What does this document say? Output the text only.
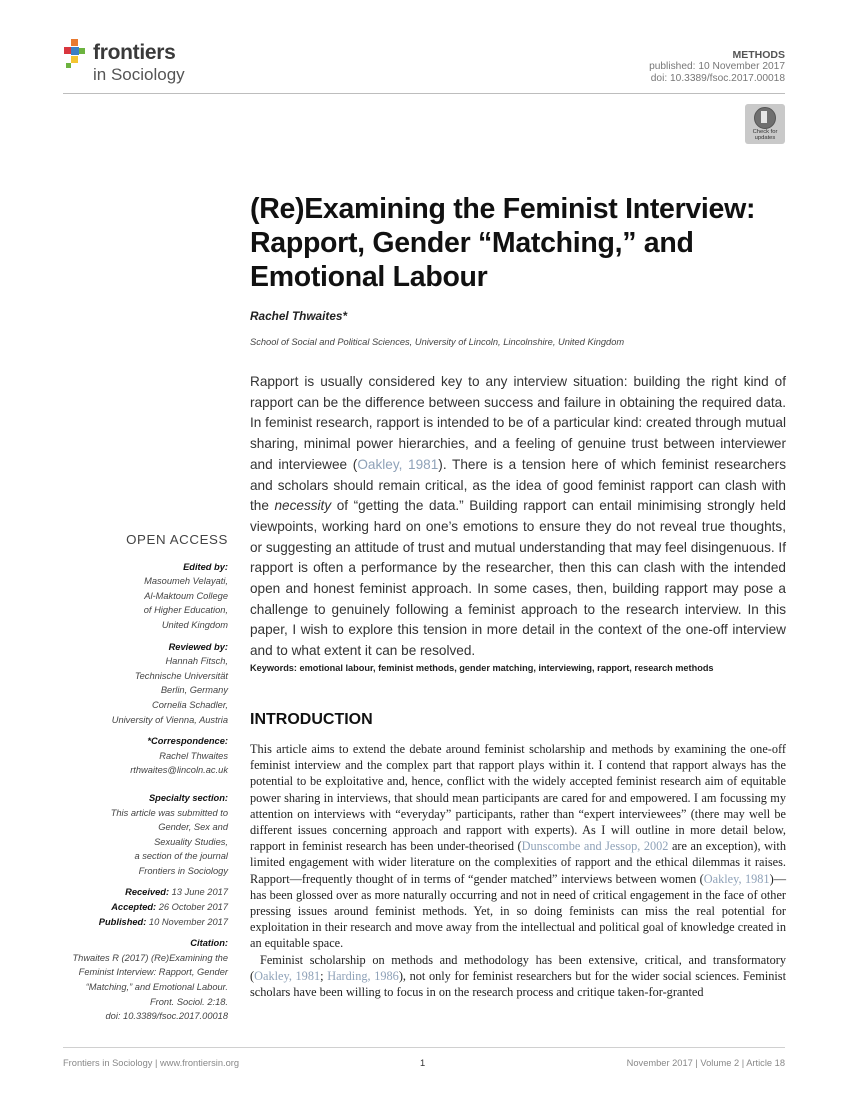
frontiers
in Sociology
METHODS
published: 10 November 2017
doi: 10.3389/fsoc.2017.00018
Check for updates
(Re)Examining the Feminist Interview: Rapport, Gender “Matching,” and Emotional Labour
Rachel Thwaites*
School of Social and Political Sciences, University of Lincoln, Lincolnshire, United Kingdom
Rapport is usually considered key to any interview situation: building the right kind of rapport can be the difference between success and failure in obtaining the required data. In feminist research, rapport is intended to be of a particular kind: created through mutual sharing, minimal power hierarchies, and a feeling of genuine trust between interviewer and interviewee (Oakley, 1981). There is a tension here of which feminist researchers and scholars should remain critical, as the idea of good feminist rapport can clash with the necessity of “getting the data.” Building rapport can entail minimising strongly held viewpoints, working hard on one’s emotions to ensure they do not reveal true thoughts, or suggesting an attitude of trust and mutual understanding that may feel disingenuous. If rapport is often a performance by the researcher, then this can clash with the intended open and honest feminist approach. In some cases, then, building rapport may pose a challenge to genuinely following a feminist approach to the research interview. In this paper, I wish to explore this tension in more detail in the context of the one-off interview and to what extent it can be resolved.
Keywords: emotional labour, feminist methods, gender matching, interviewing, rapport, research methods
INTRODUCTION

This article aims to extend the debate around feminist scholarship and methods by examining the one-off feminist interview and the complex part that rapport plays within it. I contend that rapport always has the potential to be exploitative and, hence, conflict with the widely accepted feminist research aim of equitable power sharing in interviews, that should mean participants are cared for and empowered. I am focussing my attention on interviews with “everyday” participants, rather than “expert interviewees” (there may well be different issues concerning approach and rapport with experts). As I will outline in more detail below, rapport in feminist research has been under-theorised (Dunscombe and Jessop, 2002 are an exception), with limited engagement with wider literature on the complexities of rapport and the ethical dilemmas it raises. Rapport—frequently thought of in terms of “gender matched” interviews between women (Oakley, 1981)—has been glossed over as more naturally occurring and not in need of critical engagement in the face of other pressing issues around feminist methods. Yet, in so doing feminists can miss the real potential for exploitation in their research and move away from the intellectual and political goal of knowledge created in an equitable space.

Feminist scholarship on methods and methodology has been extensive, critical, and transformatory (Oakley, 1981; Harding, 1986), not only for feminist researchers but for the wider social sciences. Feminist scholars have been willing to focus in on the research process and critique taken-for-granted

OPEN ACCESS
Edited by:
Masoumeh Velayati,
Al-Maktoum College
of Higher Education,
United Kingdom
Reviewed by:
Hannah Fitsch,
Technische Universität
Berlin, Germany
Cornelia Schadler,
University of Vienna, Austria
*Correspondence:
Rachel Thwaites
rthwaites@lincoln.ac.uk
Specialty section:
This article was submitted to
Gender, Sex and
Sexuality Studies,
a section of the journal
Frontiers in Sociology
Received: 13 June 2017
Accepted: 26 October 2017
Published: 10 November 2017
Citation:
Thwaites R (2017) (Re)Examining the
Feminist Interview: Rapport, Gender
“Matching,” and Emotional Labour.
Front. Sociol. 2:18.
doi: 10.3389/fsoc.2017.00018
Frontiers in Sociology | www.frontiersin.org	1	November 2017 | Volume 2 | Article 18
